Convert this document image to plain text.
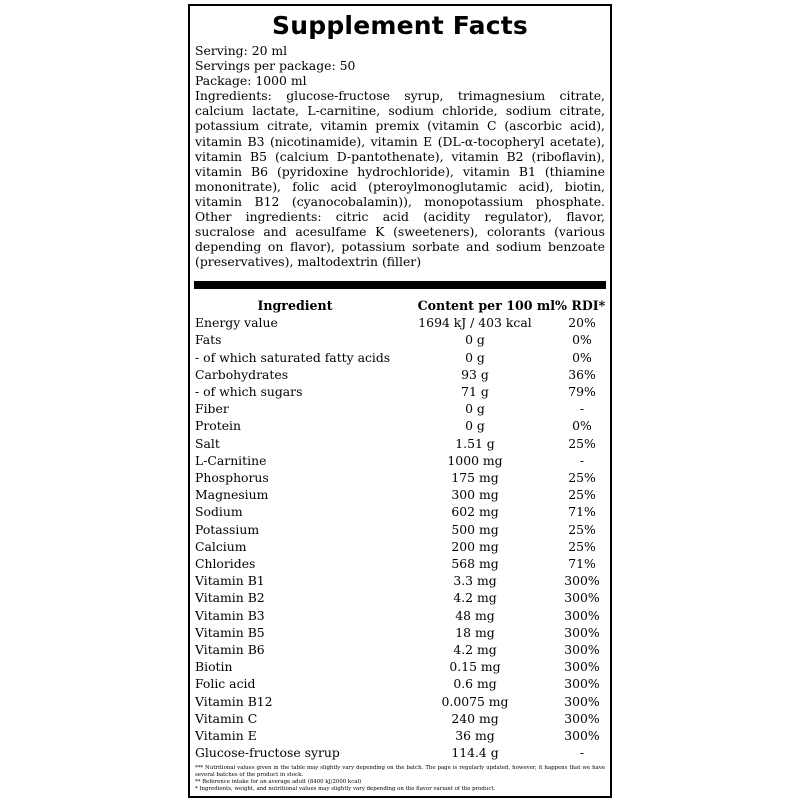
Supplement Facts
Serving: 20 ml
Servings per package: 50
Package: 1000 ml
Ingredients: glucose-fructose syrup, trimagnesium citrate, calcium lactate, L-carnitine, sodium chloride, sodium citrate, potassium citrate, vitamin premix (vitamin C (ascorbic acid), vitamin B3 (nicotinamide), vitamin E (DL-α-tocopheryl acetate), vitamin B5 (calcium D-pantothenate), vitamin B2 (riboflavin), vitamin B6 (pyridoxine hydrochloride), vitamin B1 (thiamine mononitrate), folic acid (pteroylmonoglutamic acid), biotin, vitamin B12 (cyanocobalamin)), monopotassium phosphate. Other ingredients: citric acid (acidity regulator), flavor, sucralose and acesulfame K (sweeteners), colorants (various depending on flavor), potassium sorbate and sodium benzoate (preservatives), maltodextrin (filler)
Ingredient	Content per 100 ml	% RDI*
Energy value	1694 kJ / 403 kcal	20%
Fats	0 g	0%
- of which saturated fatty acids	0 g	0%
Carbohydrates	93 g	36%
- of which sugars	71 g	79%
Fiber	0 g	-
Protein	0 g	0%
Salt	1.51 g	25%
L-Carnitine	1000 mg	-
Phosphorus	175 mg	25%
Magnesium	300 mg	25%
Sodium	602 mg	71%
Potassium	500 mg	25%
Calcium	200 mg	25%
Chlorides	568 mg	71%
Vitamin B1	3.3 mg	300%
Vitamin B2	4.2 mg	300%
Vitamin B3	48 mg	300%
Vitamin B5	18 mg	300%
Vitamin B6	4.2 mg	300%
Biotin	0.15 mg	300%
Folic acid	0.6 mg	300%
Vitamin B12	0.0075 mg	300%
Vitamin C	240 mg	300%
Vitamin E	36 mg	300%
Glucose-fructose syrup	114.4 g	-
*** Nutritional values given in the table may slightly vary depending on the batch. The page is regularly updated, however, it happens that we have several batches of the product in stock.
** Reference intake for an average adult (8400 kJ/2000 kcal)
* Ingredients, weight, and nutritional values may slightly vary depending on the flavor variant of the product.
